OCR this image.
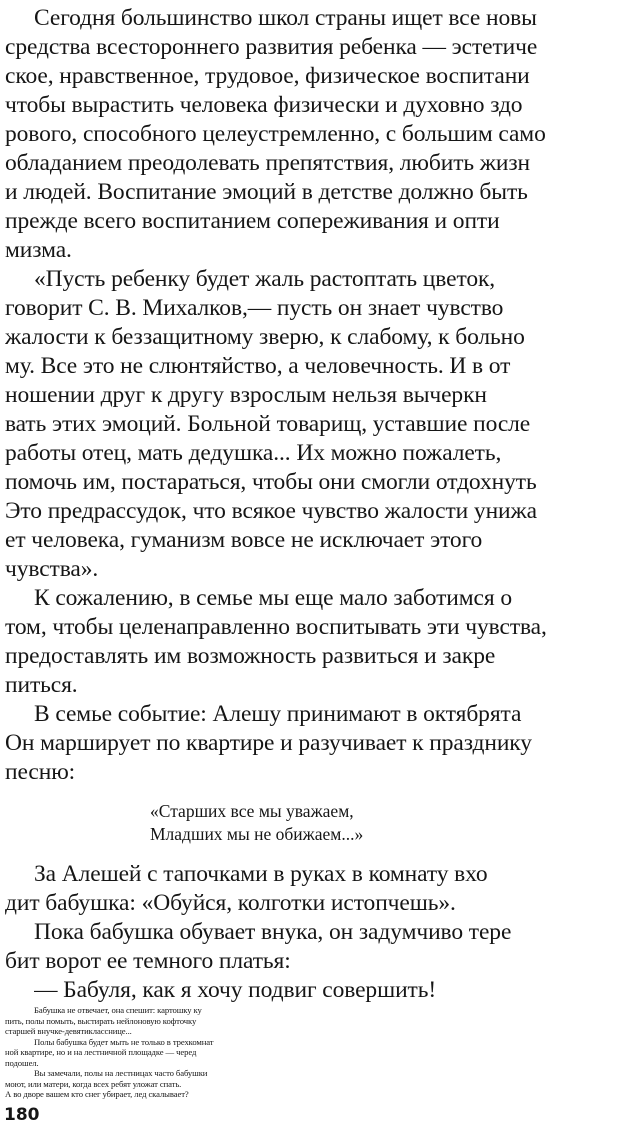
Сегодня большинство школ страны ищет все новы
средства всестороннего развития ребенка — эстетиче
ское, нравственное, трудовое, физическое воспитани
чтобы вырастить человека физически и духовно здо
рового, способного целеустремленно, с большим само
обладанием преодолевать препятствия, любить жизн
и людей. Воспитание эмоций в детстве должно быть
прежде всего воспитанием сопереживания и опти
мизма.
«Пусть ребенку будет жаль растоптать цветок,
говорит С. В. Михалков,— пусть он знает чувство
жалости к беззащитному зверю, к слабому, к больно
му. Все это не слюнтяйство, а человечность. И в от
ношении друг к другу взрослым нельзя вычеркн
вать этих эмоций. Больной товарищ, уставшие после
работы отец, мать дедушка... Их можно пожалеть,
помочь им, постараться, чтобы они смогли отдохнуть
Это предрассудок, что всякое чувство жалости унижа
ет человека, гуманизм вовсе не исключает этого
чувства».
К сожалению, в семье мы еще мало заботимся о
том, чтобы целенаправленно воспитывать эти чувства,
предоставлять им возможность развиться и закре
питься.
В семье событие: Алешу принимают в октябрята
Он марширует по квартире и разучивает к празднику
песню:
«Старших все мы уважаем,
Младших мы не обижаем...»
За Алешей с тапочками в руках в комнату вхо
дит бабушка: «Обуйся, колготки истопчешь».
Пока бабушка обувает внука, он задумчиво тере
бит ворот ее темного платья:
— Бабуля, как я хочу подвиг совершить!
180
Бабушка не отвечает, она спешит: картошку ку
пить, полы помыть, выстирать нейлоновую кофточку
старшей внучке-девятикласснице...
Полы бабушка будет мыть не только в трехкомнат
ной квартире, но и на лестничной площадке — черед
подошел.
Вы замечали, полы на лестницах часто бабушки
моют, или матери, когда всех ребят уложат спать.
А во дворе вашем кто снег убирает, лед скалывает?
